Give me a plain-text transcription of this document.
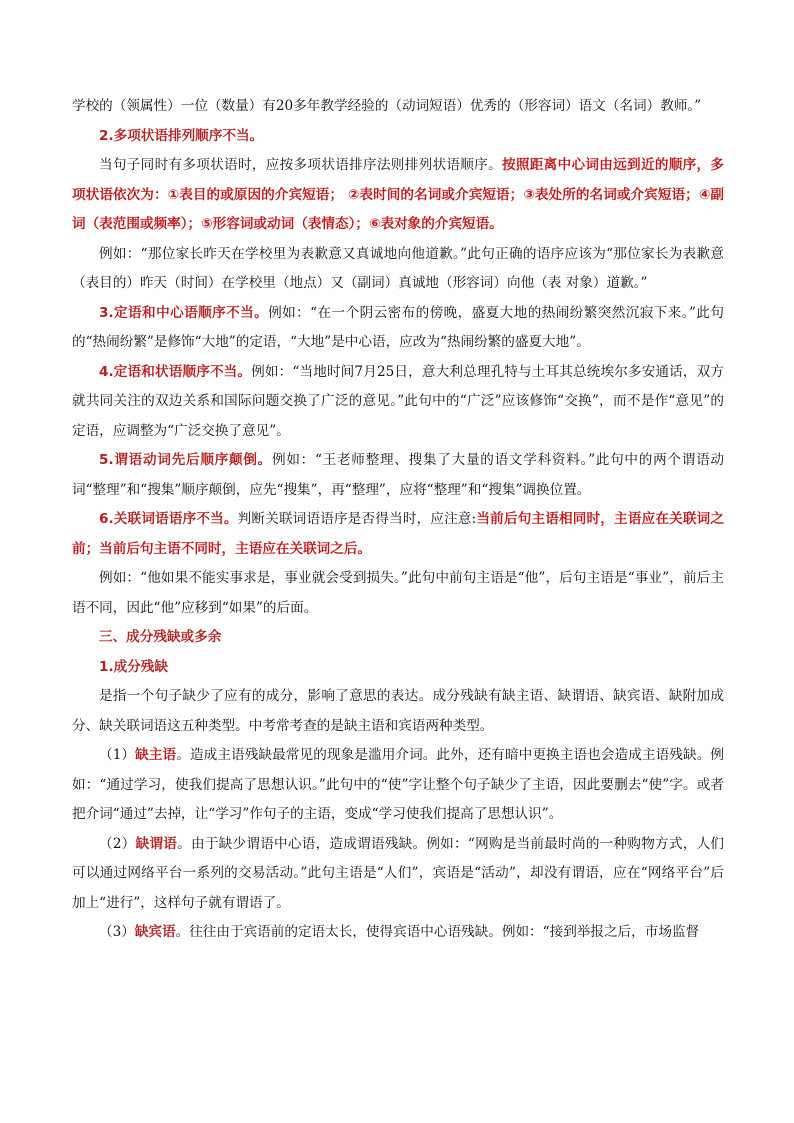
学校的（领属性）一位（数量）有20多年教学经验的（动词短语）优秀的（形容词）语文（名词）教师。”

2.多项状语排列顺序不当。

当句子同时有多项状语时，应按多项状语排序法则排列状语顺序。按照距离中心词由远到近的顺序，多项状语依次为：①表目的或原因的介宾短语； ②表时间的名词或介宾短语；③表处所的名词或介宾短语；④副词（表范围或频率）；⑤形容词或动词（表情态）；⑥表对象的介宾短语。

例如：“那位家长昨天在学校里为表歉意又真诚地向他道歉。”此句正确的语序应该为“那位家长为表歉意（表目的）昨天（时间）在学校里（地点）又（副词）真诚地（形容词）向他（表 对象）道歉。”

3.定语和中心语顺序不当。例如：“在一个阴云密布的傍晚，盛夏大地的热闹纷繁突然沉寂下来。”此句的“热闹纷繁”是修饰“大地”的定语，“大地”是中心语，应改为“热闹纷繁的盛夏大地”。

4.定语和状语顺序不当。例如：“当地时间7月25日，意大利总理孔特与土耳其总统埃尔多安通话，双方就共同关注的双边关系和国际问题交换了广泛的意见。”此句中的“广泛”应该修饰“交换”，而不是作“意见”的定语，应调整为“广泛交换了意见”。

5.谓语动词先后顺序颠倒。例如：“王老师整理、搜集了大量的语文学科资料。”此句中的两个谓语动词“整理”和“搜集”顺序颠倒，应先“搜集”，再“整理”，应将“整理”和“搜集”调换位置。

6.关联词语语序不当。判断关联词语语序是否得当时，应注意:当前后句主语相同时，主语应在关联词之前；当前后句主语不同时，主语应在关联词之后。

例如：“他如果不能实事求是，事业就会受到损失。”此句中前句主语是“他”，后句主语是“事业”，前后主语不同，因此“他”应移到“如果”的后面。

三、成分残缺或多余

1.成分残缺

是指一个句子缺少了应有的成分，影响了意思的表达。成分残缺有缺主语、缺谓语、缺宾语、缺附加成分、缺关联词语这五种类型。中考常考查的是缺主语和宾语两种类型。

（1）缺主语。造成主语残缺最常见的现象是滥用介词。此外，还有暗中更换主语也会造成主语残缺。例如：“通过学习，使我们提高了思想认识。”此句中的“使”字让整个句子缺少了主语，因此要删去“使”字。或者把介词“通过”去掉，让“学习”作句子的主语，变成“学习使我们提高了思想认识”。

（2）缺谓语。由于缺少谓语中心语，造成谓语残缺。例如：“网购是当前最时尚的一种购物方式，人们可以通过网络平台一系列的交易活动。”此句主语是“人们”，宾语是“活动”，却没有谓语，应在“网络平台”后加上“进行”，这样句子就有谓语了。

（3）缺宾语。往往由于宾语前的定语太长，使得宾语中心语残缺。例如：“接到举报之后，市场监督
